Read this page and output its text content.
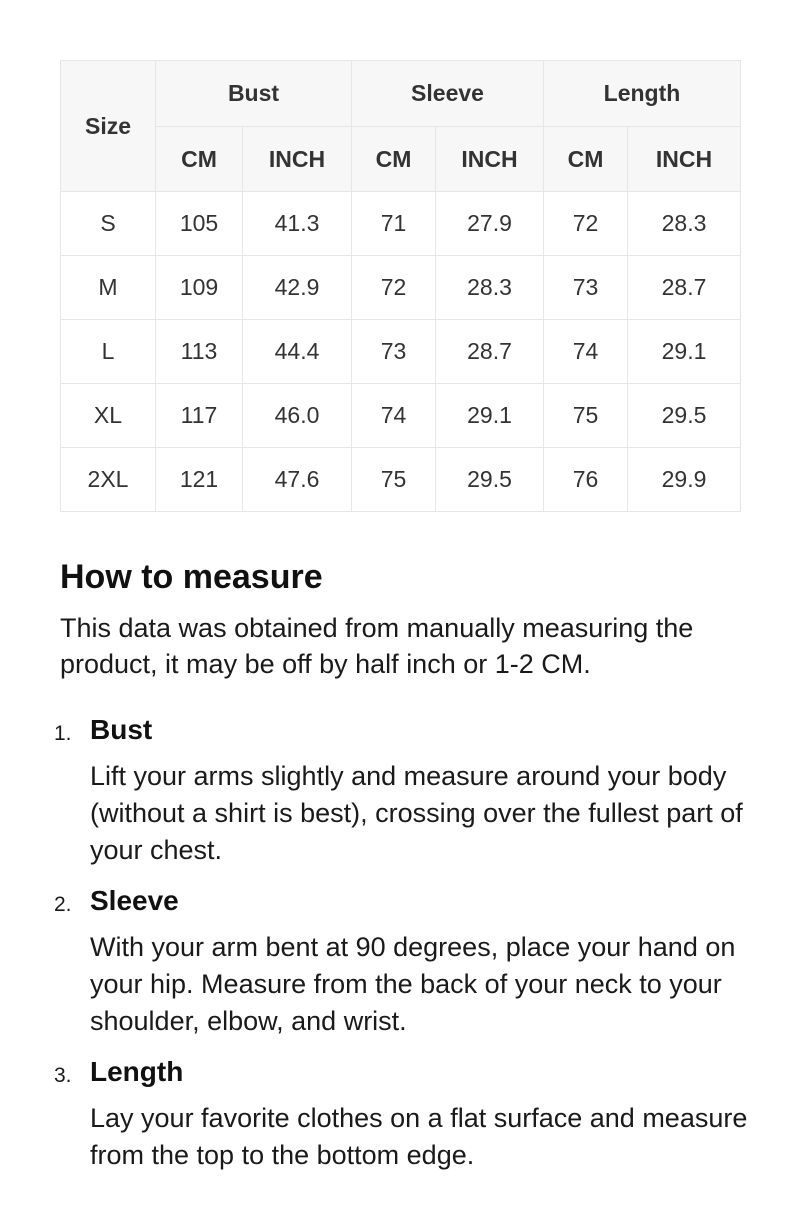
Size	Bust		Sleeve		Length	
	CM	INCH	CM	INCH	CM	INCH
S	105	41.3	71	27.9	72	28.3
M	109	42.9	72	28.3	73	28.7
L	113	44.4	73	28.7	74	29.1
XL	117	46.0	74	29.1	75	29.5
2XL	121	47.6	75	29.5	76	29.9
How to measure

This data was obtained from manually measuring the product, it may be off by half inch or 1-2 CM.

1. Bust
Lift your arms slightly and measure around your body (without a shirt is best), crossing over the fullest part of your chest.
2. Sleeve
With your arm bent at 90 degrees, place your hand on your hip. Measure from the back of your neck to your shoulder, elbow, and wrist.
3. Length
Lay your favorite clothes on a flat surface and measure from the top to the bottom edge.
